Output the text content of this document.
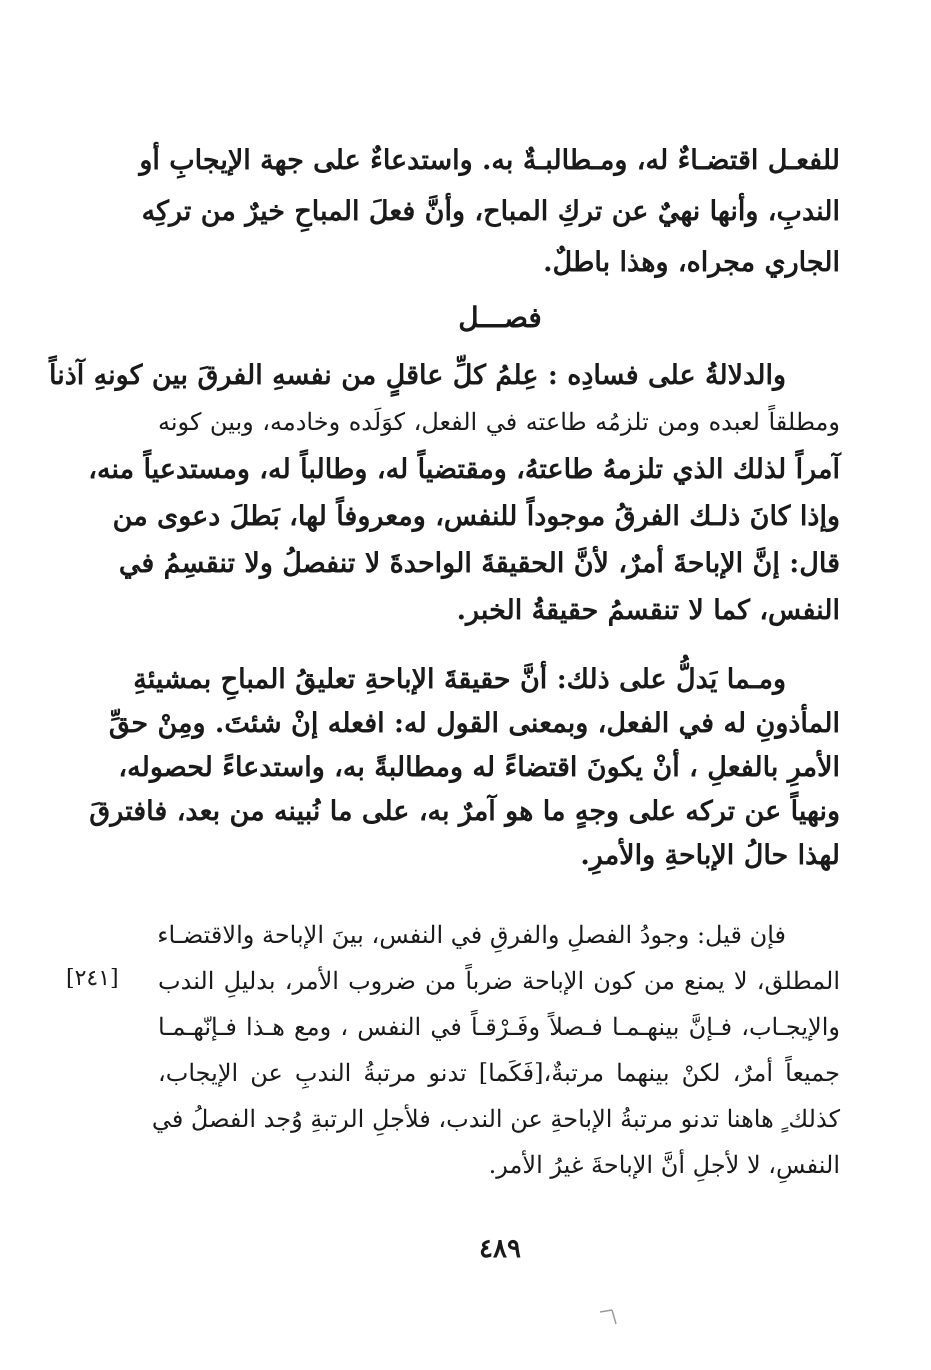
للفعـل اقتضـاءٌ له، ومـطالبـةٌ به. واستدعاءٌ على جهة الإيجابِ أو
الندبِ، وأنها نهيٌ عن تركِ المباح، وأنَّ فعلَ المباحِ خيرٌ من تركِه
الجاري مجراه، وهذا باطلٌ.
فصـــل
والدلالةُ على فسادِه : عِلمُ كلِّ عاقلٍ من نفسهِ الفرقَ بين كونهِ آذناً
ومطلقاً لعبده ومن تلزمُه طاعته في الفعل، كوَلَده وخادمه، وبين كونه
آمراً لذلك الذي تلزمهُ طاعتهُ، ومقتضياً له، وطالباً له، ومستدعياً منه،
وإذا كانَ ذلـك الفرقُ موجوداً للنفس، ومعروفاً لها، بَطلَ دعوى من
قال: إنَّ الإباحةَ أمرٌ، لأنَّ الحقيقةَ الواحدةَ لا تنفصلُ ولا تنقسِمُ في
النفس، كما لا تنقسمُ حقيقةُ الخبر.
ومـما يَدلُّ على ذلك: أنَّ حقيقةَ الإباحةِ تعليقُ المباحِ بمشيئةِ
المأذونِ له في الفعل، وبمعنى القول له: افعله إنْ شئتَ. ومِنْ حقِّ
الأمرِ بالفعلِ ، أنْ يكونَ اقتضاءً له ومطالبةً به، واستدعاءً لحصوله،
ونهياً عن تركه على وجهٍ ما هو آمرٌ به، على ما نُبينه من بعد، فافترقَ
لهذا حالُ الإباحةِ والأمرِ.
فإن قيل: وجودُ الفصلِ والفرقِ في النفس، بينَ الإباحة والاقتضـاء
المطلق، لا يمنع من كون الإباحة ضرباً من ضروب الأمر، بدليلِ الندب
والإيجـاب، فـإنَّ بينهـمـا فـصلاً وفَـرْقـاً في النفس ، ومع هـذا فـإنّهـمـا
جميعاً أمرٌ، لكنْ بينهما مرتبةٌ،[فَكَما] تدنو مرتبةُ الندبِ عن الإيجاب،
كذلك ٍ هاهنا تدنو مرتبةُ الإباحةِ عن الندب، فلأجلِ الرتبةِ وُجد الفصلُ في
النفسِ، لا لأجلِ أنَّ الإباحةَ غيرُ الأمر.
[٢٤١]
٤٨٩
